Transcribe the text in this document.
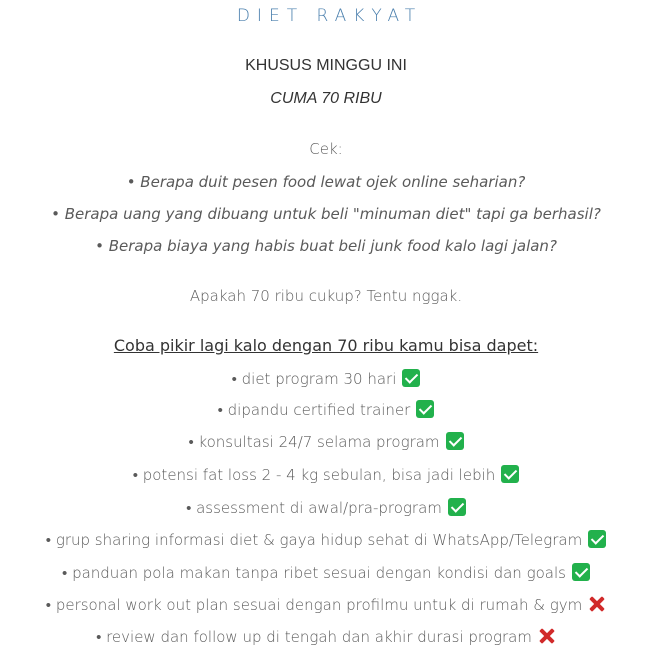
DIET RAKYAT
KHUSUS MINGGU INI
CUMA 70 RIBU
Cek:
• Berapa duit pesen food lewat ojek online seharian?
• Berapa uang yang dibuang untuk beli "minuman diet" tapi ga berhasil?
• Berapa biaya yang habis buat beli junk food kalo lagi jalan?
Apakah 70 ribu cukup? Tentu nggak.
Coba pikir lagi kalo dengan 70 ribu kamu bisa dapet:
• diet program 30 hari
• dipandu certified trainer
• konsultasi 24/7 selama program
• potensi fat loss 2 - 4 kg sebulan, bisa jadi lebih
• assessment di awal/pra-program
• grup sharing informasi diet & gaya hidup sehat di WhatsApp/Telegram
• panduan pola makan tanpa ribet sesuai dengan kondisi dan goals
• personal work out plan sesuai dengan profilmu untuk di rumah & gym
• review dan follow up di tengah dan akhir durasi program
